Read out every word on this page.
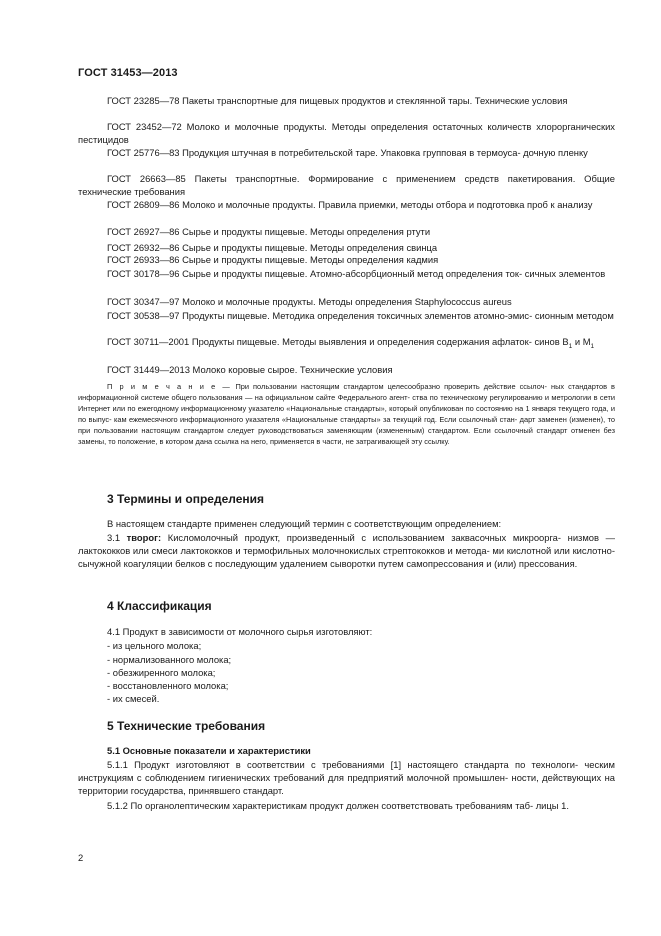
ГОСТ 31453—2013
ГОСТ 23285—78 Пакеты транспортные для пищевых продуктов и стеклянной тары. Технические условия
ГОСТ 23452—72 Молоко и молочные продукты. Методы определения остаточных количеств хлорорганических пестицидов
ГОСТ 25776—83 Продукция штучная в потребительской таре. Упаковка групповая в термоуса- дочную пленку
ГОСТ 26663—85 Пакеты транспортные. Формирование с применением средств пакетирования. Общие технические требования
ГОСТ 26809—86 Молоко и молочные продукты. Правила приемки, методы отбора и подготовка проб к анализу
ГОСТ 26927—86 Сырье и продукты пищевые. Методы определения ртути
ГОСТ 26932—86 Сырье и продукты пищевые. Методы определения свинца
ГОСТ 26933—86 Сырье и продукты пищевые. Методы определения кадмия
ГОСТ 30178—96 Сырье и продукты пищевые. Атомно-абсорбционный метод определения ток- сичных элементов
ГОСТ 30347—97 Молоко и молочные продукты. Методы определения Staphylococcus aureus
ГОСТ 30538—97 Продукты пищевые. Методика определения токсичных элементов атомно-эмис- сионным методом
ГОСТ 30711—2001 Продукты пищевые. Методы выявления и определения содержания афлаток- синов $B_1$ и $M_1$
ГОСТ 31449—2013 Молоко коровые сырое. Технические условия
П р и м е ч а н и е — При пользовании настоящим стандартом целесообразно проверить действие ссылоч- ных стандартов в информационной системе общего пользования — на официальном сайте Федерального агент- ства по техническому регулированию и метрологии в сети Интернет или по ежегодному информационному указателю «Национальные стандарты», который опубликован по состоянию на 1 января текущего года, и по выпус- кам ежемесячного информационного указателя «Национальные стандарты» за текущий год. Если ссылочный стан- дарт заменен (изменен), то при пользовании настоящим стандартом следует руководствоваться заменяющим (измененным) стандартом. Если ссылочный стандарт отменен без замены, то положение, в котором дана ссылка на него, применяется в части, не затрагивающей эту ссылку.
3 Термины и определения
В настоящем стандарте применен следующий термин с соответствующим определением:
3.1 творог: Кисломолочный продукт, произведенный с использованием заквасочных микроорга- низмов — лактококков или смеси лактококков и термофильных молочнокислых стрептококков и метода- ми кислотной или кислотно-сычужной коагуляции белков с последующим удалением сыворотки путем самопрессования и (или) прессования.
4 Классификация
4.1 Продукт в зависимости от молочного сырья изготовляют:
- из цельного молока;
- нормализованного молока;
- обезжиренного молока;
- восстановленного молока;
- их смесей.
5 Технические требования
5.1 Основные показатели и характеристики
5.1.1 Продукт изготовляют в соответствии с требованиями [1] настоящего стандарта по технологи- ческим инструкциям с соблюдением гигиенических требований для предприятий молочной промышлен- ности, действующих на территории государства, принявшего стандарт.
5.1.2 По органолептическим характеристикам продукт должен соответствовать требованиям таб- лицы 1.
2
